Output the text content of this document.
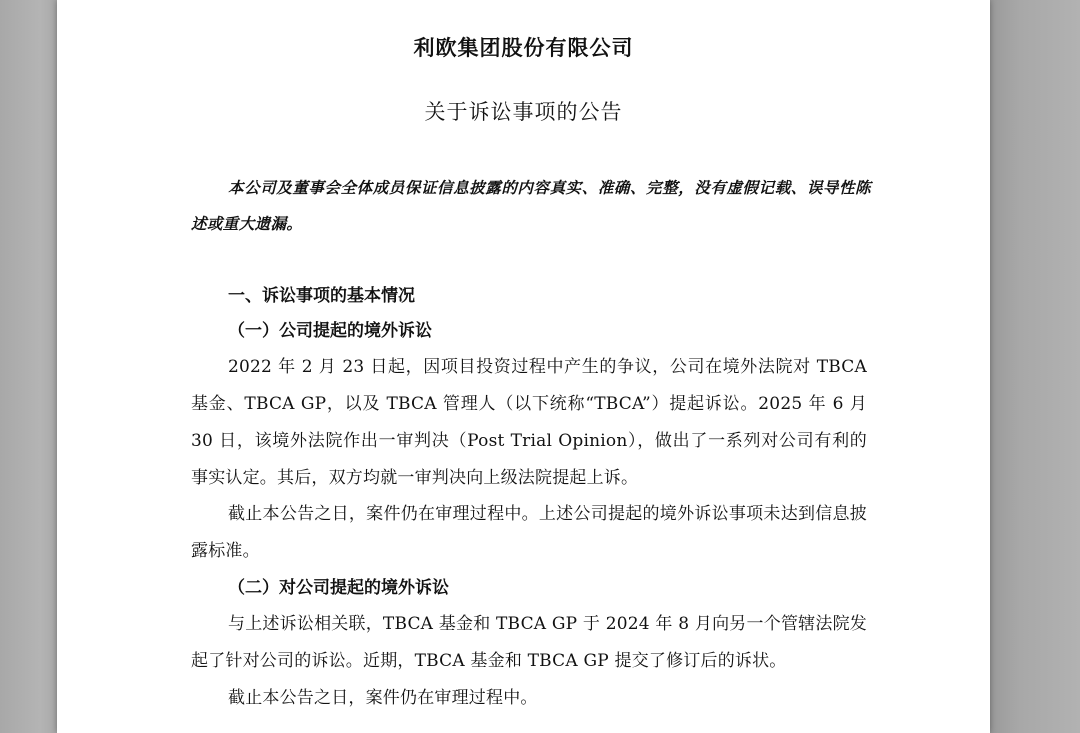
利欧集团股份有限公司
关于诉讼事项的公告
本公司及董事会全体成员保证信息披露的内容真实、准确、完整，没有虚假记载、误导性陈述或重大遗漏。
一、诉讼事项的基本情况
（一）公司提起的境外诉讼
2022 年 2 月 23 日起，因项目投资过程中产生的争议，公司在境外法院对 TBCA 基金、TBCA GP，以及 TBCA 管理人（以下统称“TBCA”）提起诉讼。2025 年 6 月 30 日，该境外法院作出一审判决（Post Trial Opinion），做出了一系列对公司有利的事实认定。其后，双方均就一审判决向上级法院提起上诉。
截止本公告之日，案件仍在审理过程中。上述公司提起的境外诉讼事项未达到信息披露标准。
（二）对公司提起的境外诉讼
与上述诉讼相关联，TBCA 基金和 TBCA GP 于 2024 年 8 月向另一个管辖法院发起了针对公司的诉讼。近期，TBCA 基金和 TBCA GP 提交了修订后的诉状。
截止本公告之日，案件仍在审理过程中。
